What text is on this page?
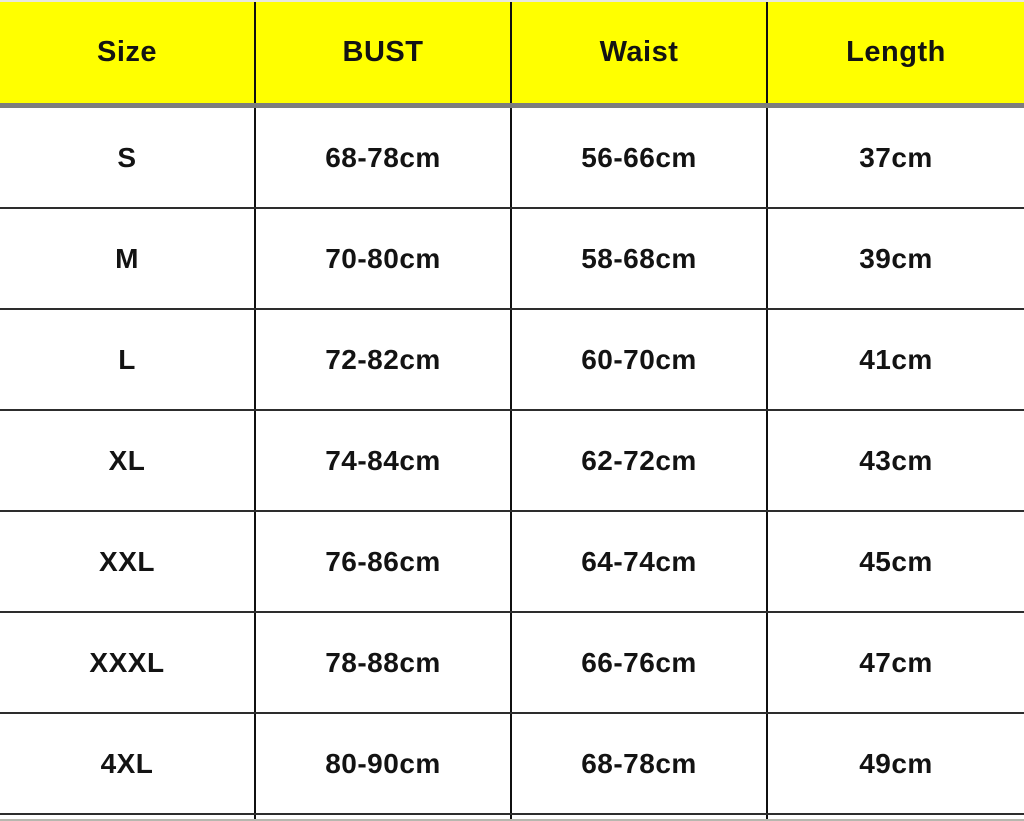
Size	BUST	Waist	Length
S	68-78cm	56-66cm	37cm
M	70-80cm	58-68cm	39cm
L	72-82cm	60-70cm	41cm
XL	74-84cm	62-72cm	43cm
XXL	76-86cm	64-74cm	45cm
XXXL	78-88cm	66-76cm	47cm
4XL	80-90cm	68-78cm	49cm
